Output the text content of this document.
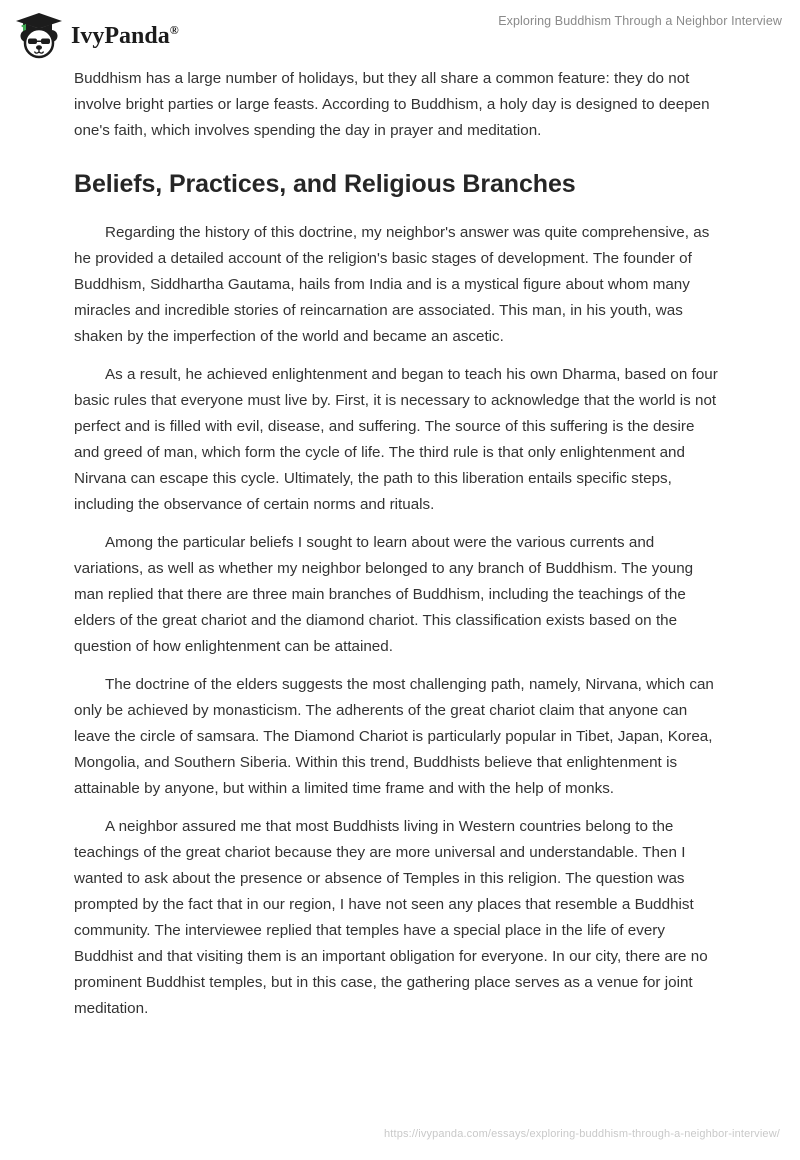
IvyPanda®
Exploring Buddhism Through a Neighbor Interview

Buddhism has a large number of holidays, but they all share a common feature: they do not involve bright parties or large feasts. According to Buddhism, a holy day is designed to deepen one's faith, which involves spending the day in prayer and meditation.

Beliefs, Practices, and Religious Branches

Regarding the history of this doctrine, my neighbor's answer was quite comprehensive, as he provided a detailed account of the religion's basic stages of development. The founder of Buddhism, Siddhartha Gautama, hails from India and is a mystical figure about whom many miracles and incredible stories of reincarnation are associated. This man, in his youth, was shaken by the imperfection of the world and became an ascetic.

As a result, he achieved enlightenment and began to teach his own Dharma, based on four basic rules that everyone must live by. First, it is necessary to acknowledge that the world is not perfect and is filled with evil, disease, and suffering. The source of this suffering is the desire and greed of man, which form the cycle of life. The third rule is that only enlightenment and Nirvana can escape this cycle. Ultimately, the path to this liberation entails specific steps, including the observance of certain norms and rituals.

Among the particular beliefs I sought to learn about were the various currents and variations, as well as whether my neighbor belonged to any branch of Buddhism. The young man replied that there are three main branches of Buddhism, including the teachings of the elders of the great chariot and the diamond chariot. This classification exists based on the question of how enlightenment can be attained.

The doctrine of the elders suggests the most challenging path, namely, Nirvana, which can only be achieved by monasticism. The adherents of the great chariot claim that anyone can leave the circle of samsara. The Diamond Chariot is particularly popular in Tibet, Japan, Korea, Mongolia, and Southern Siberia. Within this trend, Buddhists believe that enlightenment is attainable by anyone, but within a limited time frame and with the help of monks.

A neighbor assured me that most Buddhists living in Western countries belong to the teachings of the great chariot because they are more universal and understandable. Then I wanted to ask about the presence or absence of Temples in this religion. The question was prompted by the fact that in our region, I have not seen any places that resemble a Buddhist community. The interviewee replied that temples have a special place in the life of every Buddhist and that visiting them is an important obligation for everyone. In our city, there are no prominent Buddhist temples, but in this case, the gathering place serves as a venue for joint meditation.

https://ivypanda.com/essays/exploring-buddhism-through-a-neighbor-interview/
